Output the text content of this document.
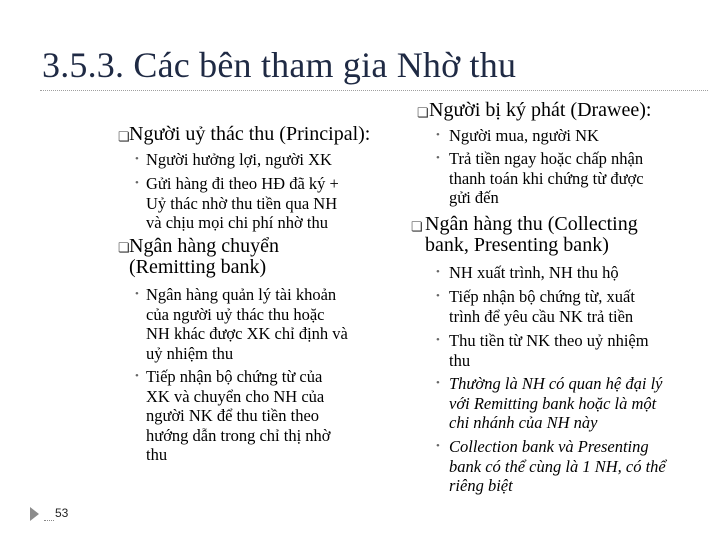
3.5.3. Các bên tham gia Nhờ thu
❏ Người uỷ thác thu (Principal):
• Người hưởng lợi, người XK
• Gửi hàng đi theo HĐ đã ký +
Uỷ thác nhờ thu tiền qua NH
và chịu mọi chi phí nhờ thu
❏ Ngân hàng chuyển
(Remitting bank)
• Ngân hàng quản lý tài khoản
của người uỷ thác thu hoặc
NH khác được XK chỉ định và
uỷ nhiệm thu
• Tiếp nhận bộ chứng từ của
XK và chuyển cho NH của
người NK để thu tiền theo
hướng dẫn trong chỉ thị nhờ
thu
❏ Người bị ký phát (Drawee):
• Người mua, người NK
• Trả tiền ngay hoặc chấp nhận
thanh toán khi chứng từ được
gửi đến
❏ Ngân hàng thu (Collecting
bank, Presenting bank)
• NH xuất trình, NH thu hộ
• Tiếp nhận bộ chứng từ, xuất
trình để yêu cầu NK trả tiền
• Thu tiền từ NK theo uỷ nhiệm
thu
• Thường là NH có quan hệ đại lý
với Remitting bank hoặc là một
chi nhánh của NH này
• Collection bank và Presenting
bank có thể cùng là 1 NH, có thể
riêng biệt
53
